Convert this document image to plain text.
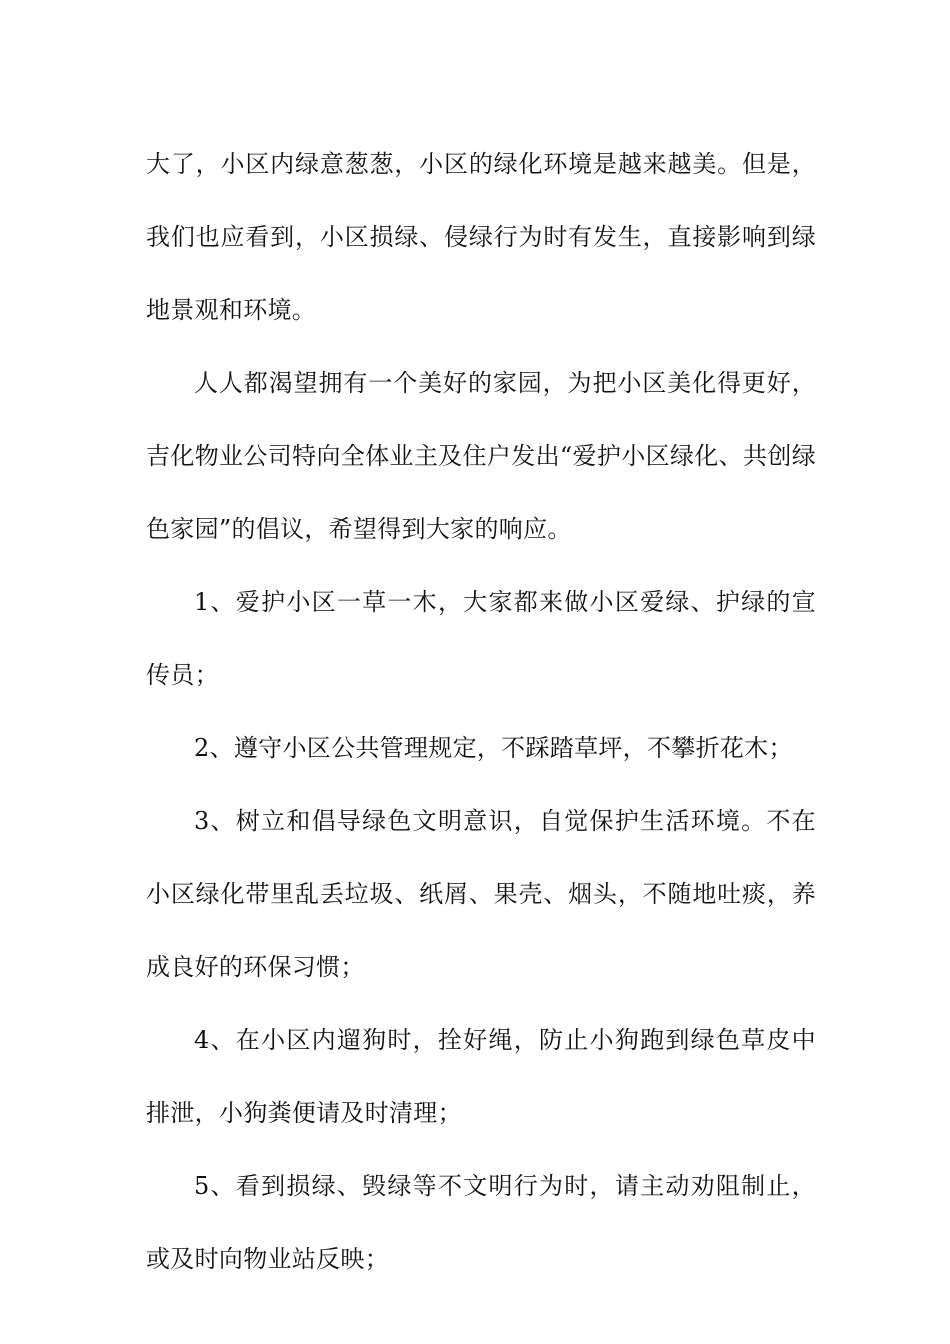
大了，小区内绿意葱葱，小区的绿化环境是越来越美。但是，我们也应看到，小区损绿、侵绿行为时有发生，直接影响到绿地景观和环境。

人人都渴望拥有一个美好的家园，为把小区美化得更好，吉化物业公司特向全体业主及住户发出“爱护小区绿化、共创绿色家园”的倡议，希望得到大家的响应。

1、爱护小区一草一木，大家都来做小区爱绿、护绿的宣传员；

2、遵守小区公共管理规定，不踩踏草坪，不攀折花木；

3、树立和倡导绿色文明意识，自觉保护生活环境。不在小区绿化带里乱丢垃圾、纸屑、果壳、烟头，不随地吐痰，养成良好的环保习惯；

4、在小区内遛狗时，拴好绳，防止小狗跑到绿色草皮中排泄，小狗粪便请及时清理；

5、看到损绿、毁绿等不文明行为时，请主动劝阻制止，或及时向物业站反映；
